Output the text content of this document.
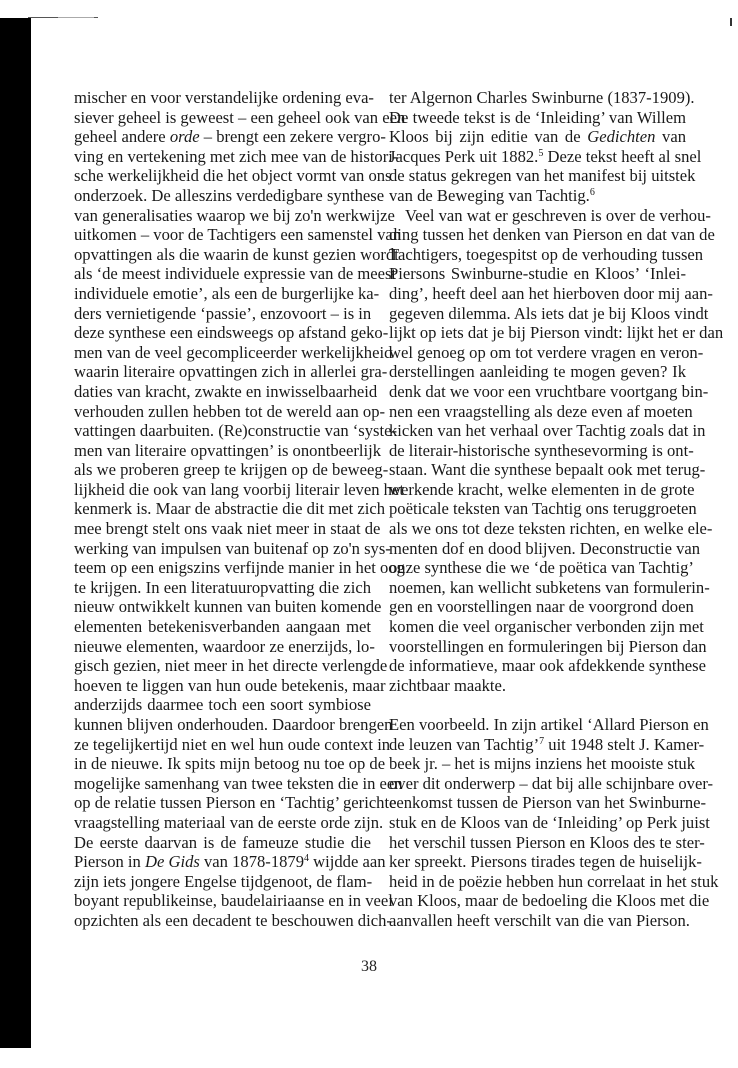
mischer en voor verstandelijke ordening eva-
siever geheel is geweest – een geheel ook van een
geheel andere orde – brengt een zekere vergro-
ving en vertekening met zich mee van de histori-
sche werkelijkheid die het object vormt van ons
onderzoek. De alleszins verdedigbare synthese
van generalisaties waarop we bij zo'n werkwijze
uitkomen – voor de Tachtigers een samenstel van
opvattingen als die waarin de kunst gezien wordt
als ‘de meest individuele expressie van de meest
individuele emotie’, als een de burgerlijke ka-
ders vernietigende ‘passie’, enzovoort – is in
deze synthese een eindsweegs op afstand geko-
men van de veel gecompliceerder werkelijkheid
waarin literaire opvattingen zich in allerlei gra-
daties van kracht, zwakte en inwisselbaarheid
verhouden zullen hebben tot de wereld aan op-
vattingen daarbuiten. (Re)constructie van ‘syste-
men van literaire opvattingen’ is onontbeerlijk
als we proberen greep te krijgen op de beweeg-
lijkheid die ook van lang voorbij literair leven het
kenmerk is. Maar de abstractie die dit met zich
mee brengt stelt ons vaak niet meer in staat de
werking van impulsen van buitenaf op zo'n sys-
teem op een enigszins verfijnde manier in het oog
te krijgen. In een literatuuropvatting die zich
nieuw ontwikkelt kunnen van buiten komende
elementen betekenisverbanden aangaan met
nieuwe elementen, waardoor ze enerzijds, lo-
gisch gezien, niet meer in het directe verlengde
hoeven te liggen van hun oude betekenis, maar
anderzijds daarmee toch een soort symbiose
kunnen blijven onderhouden. Daardoor brengen
ze tegelijkertijd niet en wel hun oude context in
in de nieuwe. Ik spits mijn betoog nu toe op de
mogelijke samenhang van twee teksten die in een
op de relatie tussen Pierson en ‘Tachtig’ gerichte
vraagstelling materiaal van de eerste orde zijn.
De eerste daarvan is de fameuze studie die
Pierson in De Gids van 1878-1879$^4$ wijdde aan
zijn iets jongere Engelse tijdgenoot, de flam-
boyant republikeinse, baudelairiaanse en in veel
opzichten als een decadent te beschouwen dich-

ter Algernon Charles Swinburne (1837-1909).
De tweede tekst is de ‘Inleiding’ van Willem
Kloos bij zijn editie van de Gedichten van
Jacques Perk uit 1882.$^5$ Deze tekst heeft al snel
de status gekregen van het manifest bij uitstek
van de Beweging van Tachtig.$^6$

Veel van wat er geschreven is over de verhou-
ding tussen het denken van Pierson en dat van de
Tachtigers, toegespitst op de verhouding tussen
Piersons Swinburne-studie en Kloos’ ‘Inlei-
ding’, heeft deel aan het hierboven door mij aan-
gegeven dilemma. Als iets dat je bij Kloos vindt
lijkt op iets dat je bij Pierson vindt: lijkt het er dan
wel genoeg op om tot verdere vragen en veron-
derstellingen aanleiding te mogen geven? Ik
denk dat we voor een vruchtbare voortgang bin-
nen een vraagstelling als deze even af moeten
kicken van het verhaal over Tachtig zoals dat in
de literair-historische synthesevorming is ont-
staan. Want die synthese bepaalt ook met terug-
werkende kracht, welke elementen in de grote
poëticale teksten van Tachtig ons teruggroeten
als we ons tot deze teksten richten, en welke ele-
menten dof en dood blijven. Deconstructie van
onze synthese die we ‘de poëtica van Tachtig’
noemen, kan wellicht subketens van formulerin-
gen en voorstellingen naar de voorgrond doen
komen die veel organischer verbonden zijn met
voorstellingen en formuleringen bij Pierson dan
de informatieve, maar ook afdekkende synthese
zichtbaar maakte.

Een voorbeeld. In zijn artikel ‘Allard Pierson en
de leuzen van Tachtig’$^7$ uit 1948 stelt J. Kamer-
beek jr. – het is mijns inziens het mooiste stuk
over dit onderwerp – dat bij alle schijnbare over-
eenkomst tussen de Pierson van het Swinburne-
stuk en de Kloos van de ‘Inleiding’ op Perk juist
het verschil tussen Pierson en Kloos des te ster-
ker spreekt. Piersons tirades tegen de huiselijk-
heid in de poëzie hebben hun correlaat in het stuk
van Kloos, maar de bedoeling die Kloos met die
aanvallen heeft verschilt van die van Pierson.

38
